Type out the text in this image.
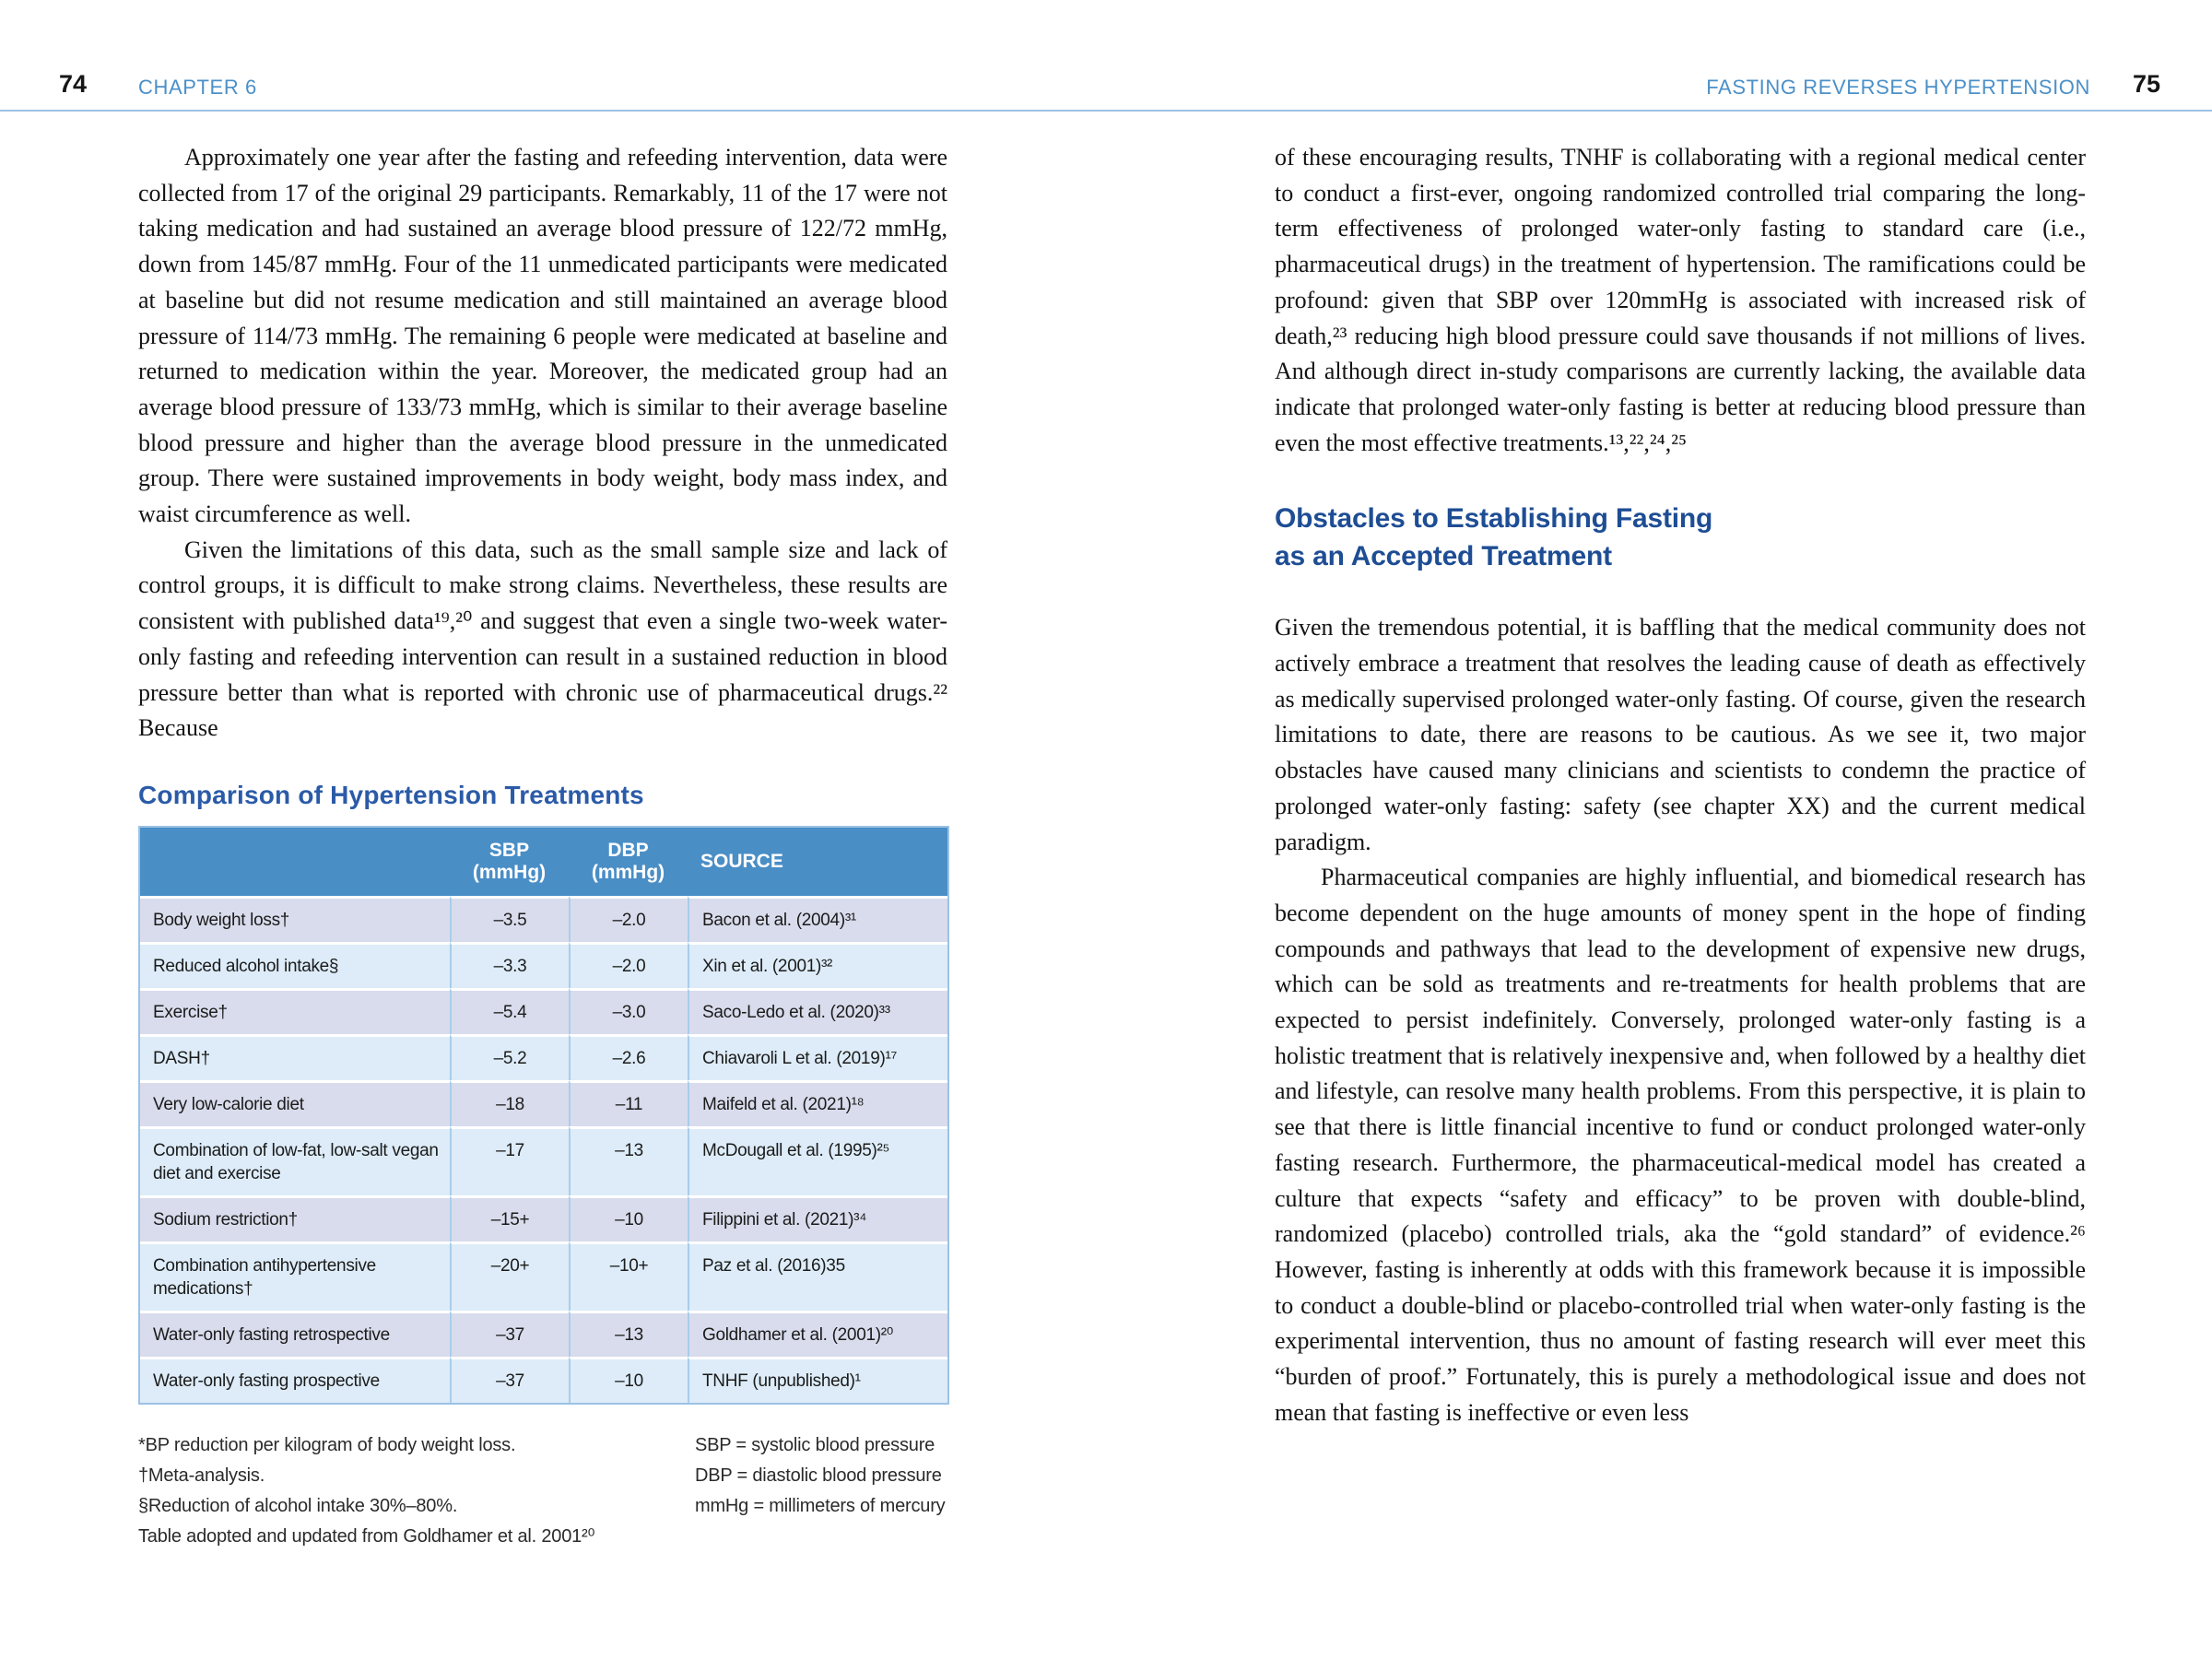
74	CHAPTER 6	FASTING REVERSES HYPERTENSION 75

Approximately one year after the fasting and refeeding intervention, data were collected from 17 of the original 29 participants. Remarkably, 11 of the 17 were not taking medication and had sustained an average blood pressure of 122/72 mmHg, down from 145/87 mmHg. Four of the 11 unmedicated participants were medicated at baseline but did not resume medication and still maintained an average blood pressure of 114/73 mmHg. The remaining 6 people were medicated at baseline and returned to medication within the year. Moreover, the medicated group had an average blood pressure of 133/73 mmHg, which is similar to their average baseline blood pressure and higher than the average blood pressure in the unmedicated group. There were sustained improvements in body weight, body mass index, and waist circumference as well.

Given the limitations of this data, such as the small sample size and lack of control groups, it is difficult to make strong claims. Nevertheless, these results are consistent with published data¹⁹,²⁰ and suggest that even a single two-week water-only fasting and refeeding intervention can result in a sustained reduction in blood pressure better than what is reported with chronic use of pharmaceutical drugs.²² Because

Comparison of Hypertension Treatments
	SBP (mmHg)	DBP (mmHg)	SOURCE
Body weight loss†	–3.5	–2.0	Bacon et al. (2004)³¹
Reduced alcohol intake§	–3.3	–2.0	Xin et al. (2001)³²
Exercise†	–5.4	–3.0	Saco-Ledo et al. (2020)³³
DASH†	–5.2	–2.6	Chiavaroli L et al. (2019)¹⁷
Very low-calorie diet	–18	–11	Maifeld et al. (2021)¹⁸
Combination of low-fat, low-salt vegan diet and exercise	–17	–13	McDougall et al. (1995)²⁵
Sodium restriction†	–15+	–10	Filippini et al. (2021)³⁴
Combination antihypertensive medications†	–20+	–10+	Paz et al. (2016)35
Water-only fasting retrospective	–37	–13	Goldhamer et al. (2001)²⁰
Water-only fasting prospective	–37	–10	TNHF (unpublished)¹
*BP reduction per kilogram of body weight loss.
†Meta-analysis.
§Reduction of alcohol intake 30%–80%.
Table adopted and updated from Goldhamer et al. 2001²⁰
SBP = systolic blood pressure
DBP = diastolic blood pressure
mmHg = millimeters of mercury

of these encouraging results, TNHF is collaborating with a regional medical center to conduct a first-ever, ongoing randomized controlled trial comparing the long-term effectiveness of prolonged water-only fasting to standard care (i.e., pharmaceutical drugs) in the treatment of hypertension. The ramifications could be profound: given that SBP over 120mmHg is associated with increased risk of death,²³ reducing high blood pressure could save thousands if not millions of lives. And although direct in-study comparisons are currently lacking, the available data indicate that prolonged water-only fasting is better at reducing blood pressure than even the most effective treatments.¹³,²²,²⁴,²⁵

Obstacles to Establishing Fasting
as an Accepted Treatment

Given the tremendous potential, it is baffling that the medical community does not actively embrace a treatment that resolves the leading cause of death as effectively as medically supervised prolonged water-only fasting. Of course, given the research limitations to date, there are reasons to be cautious. As we see it, two major obstacles have caused many clinicians and scientists to condemn the practice of prolonged water-only fasting: safety (see chapter XX) and the current medical paradigm.

Pharmaceutical companies are highly influential, and biomedical research has become dependent on the huge amounts of money spent in the hope of finding compounds and pathways that lead to the development of expensive new drugs, which can be sold as treatments and re-treatments for health problems that are expected to persist indefinitely. Conversely, prolonged water-only fasting is a holistic treatment that is relatively inexpensive and, when followed by a healthy diet and lifestyle, can resolve many health problems. From this perspective, it is plain to see that there is little financial incentive to fund or conduct prolonged water-only fasting research. Furthermore, the pharmaceutical-medical model has created a culture that expects “safety and efficacy” to be proven with double-blind, randomized (placebo) controlled trials, aka the “gold standard” of evidence.²⁶ However, fasting is inherently at odds with this framework because it is impossible to conduct a double-blind or placebo-controlled trial when water-only fasting is the experimental intervention, thus no amount of fasting research will ever meet this “burden of proof.” Fortunately, this is purely a methodological issue and does not mean that fasting is ineffective or even less
